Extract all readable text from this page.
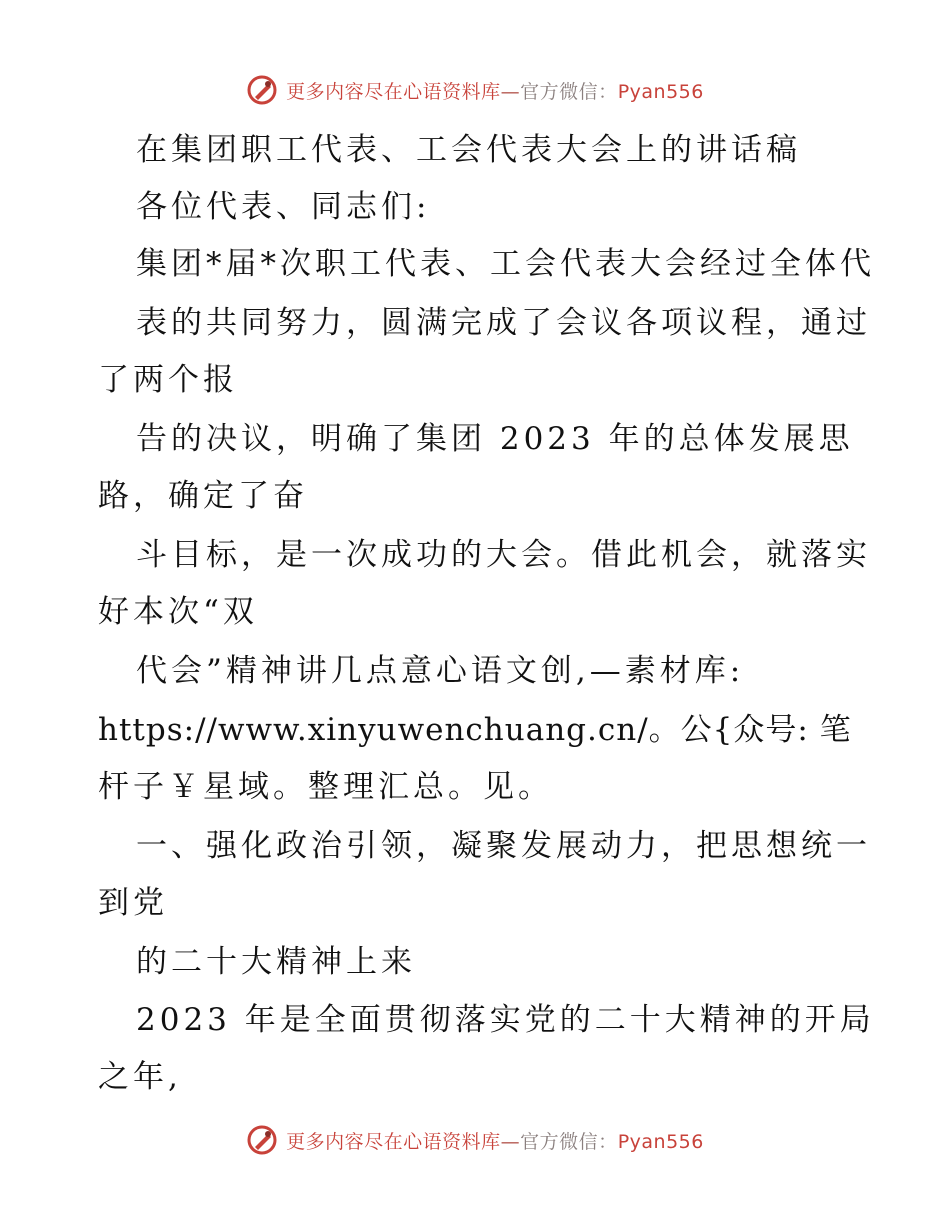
更多内容尽在心语资料库—官方微信：Pyan556
在集团职工代表、工会代表大会上的讲话稿
各位代表、同志们:
集团*届*次职工代表、工会代表大会经过全体代
表的共同努力，圆满完成了会议各项议程，通过
了两个报
告的决议，明确了集团 2023 年的总体发展思
路，确定了奋
斗目标，是一次成功的大会。借此机会，就落实
好本次“双
代会”精神讲几点意心语文创,—素材库:
https://www.xinyuwenchuang.cn/。公{众号: 笔
杆子￥星域。整理汇总。见。
一、强化政治引领，凝聚发展动力，把思想统一
到党
的二十大精神上来
2023 年是全面贯彻落实党的二十大精神的开局
之年,
更多内容尽在心语资料库—官方微信：Pyan556
